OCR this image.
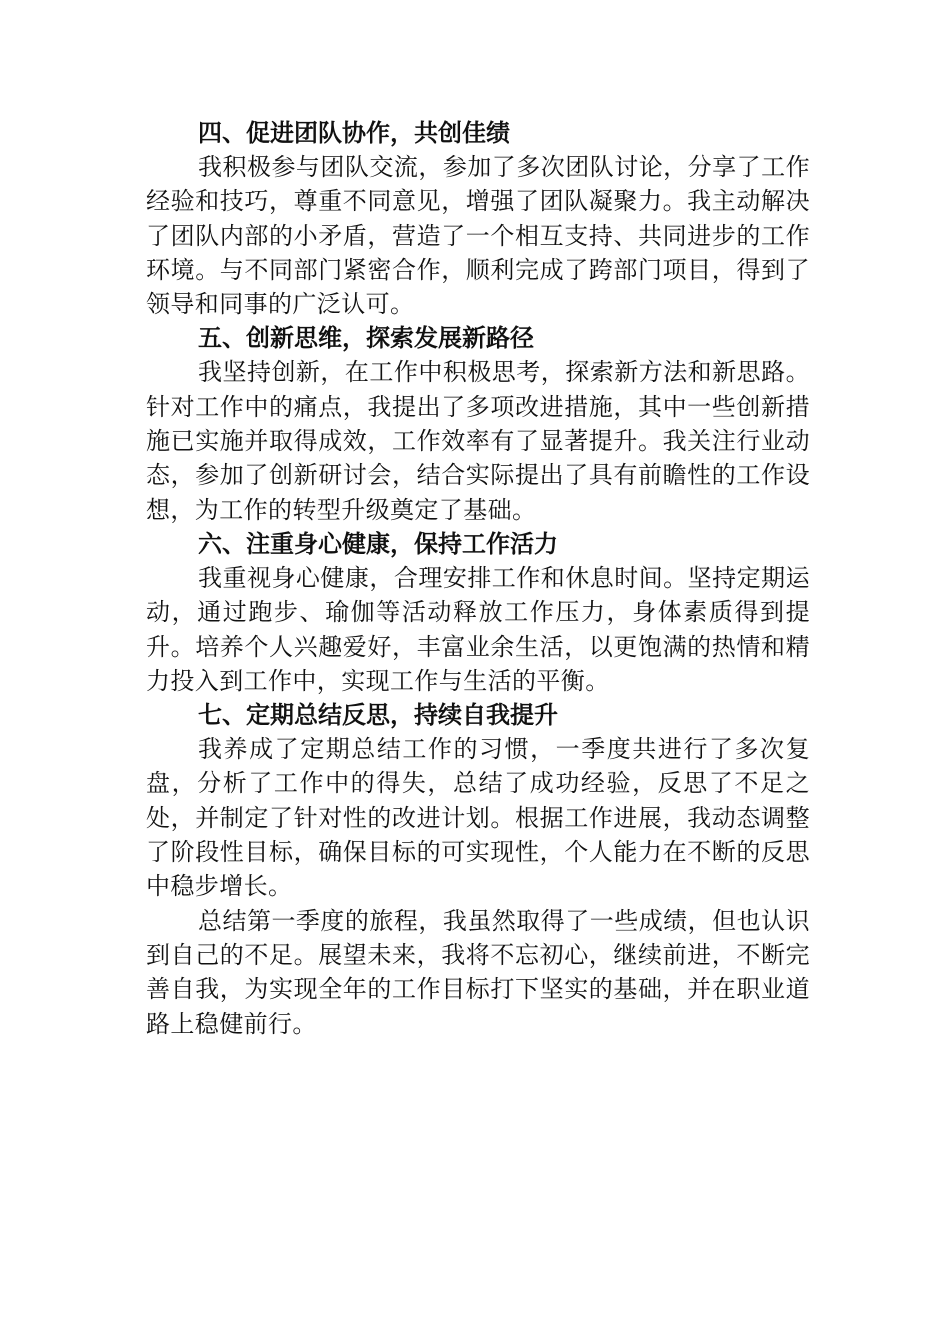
四、促进团队协作，共创佳绩

我积极参与团队交流，参加了多次团队讨论，分享了工作经验和技巧，尊重不同意见，增强了团队凝聚力。我主动解决了团队内部的小矛盾，营造了一个相互支持、共同进步的工作环境。与不同部门紧密合作，顺利完成了跨部门项目，得到了领导和同事的广泛认可。

五、创新思维，探索发展新路径

我坚持创新，在工作中积极思考，探索新方法和新思路。针对工作中的痛点，我提出了多项改进措施，其中一些创新措施已实施并取得成效，工作效率有了显著提升。我关注行业动态，参加了创新研讨会，结合实际提出了具有前瞻性的工作设想，为工作的转型升级奠定了基础。

六、注重身心健康，保持工作活力

我重视身心健康，合理安排工作和休息时间。坚持定期运动，通过跑步、瑜伽等活动释放工作压力，身体素质得到提升。培养个人兴趣爱好，丰富业余生活，以更饱满的热情和精力投入到工作中，实现工作与生活的平衡。

七、定期总结反思，持续自我提升

我养成了定期总结工作的习惯，一季度共进行了多次复盘，分析了工作中的得失，总结了成功经验，反思了不足之处，并制定了针对性的改进计划。根据工作进展，我动态调整了阶段性目标，确保目标的可实现性，个人能力在不断的反思中稳步增长。

总结第一季度的旅程，我虽然取得了一些成绩，但也认识到自己的不足。展望未来，我将不忘初心，继续前进，不断完善自我，为实现全年的工作目标打下坚实的基础，并在职业道路上稳健前行。
